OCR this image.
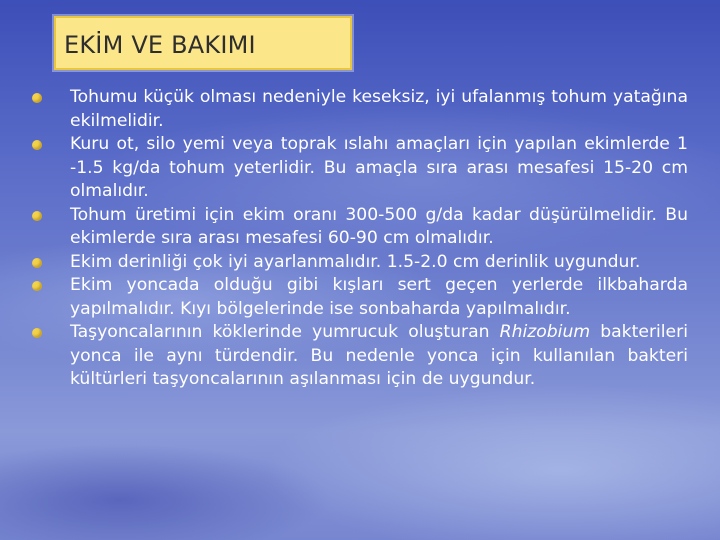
EKİM VE BAKIMI
Tohumu küçük olması nedeniyle keseksiz, iyi ufalanmış tohum yatağına ekilmelidir.
Kuru ot, silo yemi veya toprak ıslahı amaçları için yapılan ekimlerde 1 -1.5 kg/da tohum yeterlidir. Bu amaçla sıra arası mesafesi 15-20 cm olmalıdır.
Tohum üretimi için ekim oranı 300-500 g/da kadar düşürülmelidir. Bu ekimlerde sıra arası mesafesi 60-90 cm olmalıdır.
Ekim derinliği çok iyi ayarlanmalıdır. 1.5-2.0 cm derinlik uygundur.
Ekim yoncada olduğu gibi kışları sert geçen yerlerde ilkbaharda yapılmalıdır. Kıyı bölgelerinde ise sonbaharda yapılmalıdır.
Taşyoncalarının köklerinde yumrucuk oluşturan Rhizobium bakterileri yonca ile aynı türdendir. Bu nedenle yonca için kullanılan bakteri kültürleri taşyoncalarının aşılanması için de uygundur.
